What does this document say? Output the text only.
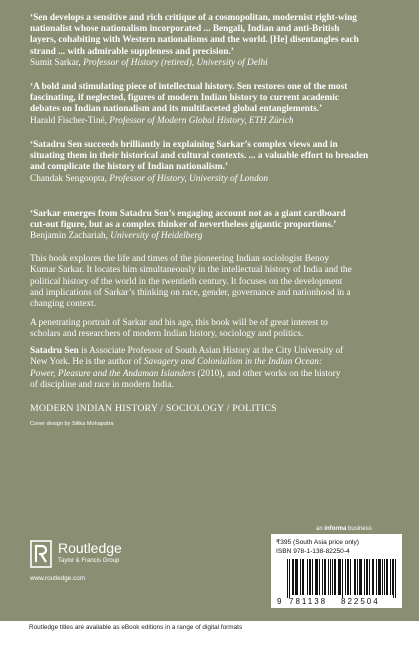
‘Sen develops a sensitive and rich critique of a cosmopolitan, modernist right-wing
nationalist whose nationalism incorporated ... Bengali, Indian and anti-British
layers, cohabiting with Western nationalisms and the world. [He] disentangles each
strand ... with admirable suppleness and precision.’
Sumit Sarkar, Professor of History (retired), University of Delhi
‘A bold and stimulating piece of intellectual history. Sen restores one of the most
fascinating, if neglected, figures of modern Indian history to current academic
debates on Indian nationalism and its multifaceted global entanglements.’
Harald Fischer-Tiné, Professor of Modern Global History, ETH Zürich
‘Satadru Sen succeeds brilliantly in explaining Sarkar’s complex views and in
situating them in their historical and cultural contexts. ... a valuable effort to broaden
and complicate the history of Indian nationalism.’
Chandak Sengoopta, Professor of History, University of London
‘Sarkar emerges from Satadru Sen’s engaging account not as a giant cardboard
cut-out figure, but as a complex thinker of nevertheless gigantic proportions.’
Benjamin Zachariah, University of Heidelberg
This book explores the life and times of the pioneering Indian sociologist Benoy
Kumar Sarkar. It locates him simultaneously in the intellectual history of India and the
political history of the world in the twentieth century. It focuses on the development
and implications of Sarkar’s thinking on race, gender, governance and nationhood in a
changing context.
A penetrating portrait of Sarkar and his age, this book will be of great interest to
scholars and researchers of modern Indian history, sociology and politics.
Satadru Sen is Associate Professor of South Asian History at the City University of
New York. He is the author of Savagery and Colonialism in the Indian Ocean:
Power, Pleasure and the Andaman Islanders (2010), and other works on the history
of discipline and race in modern India.
MODERN INDIAN HISTORY / SOCIOLOGY / POLITICS
Cover design by Silika Mohapatra
an informa business
Routledge
Taylor & Francis Group
www.routledge.com
₹395 (South Asia price only)
ISBN 978-1-138-82250-4
9 781138 822504
Routledge titles are available as eBook editions in a range of digital formats
